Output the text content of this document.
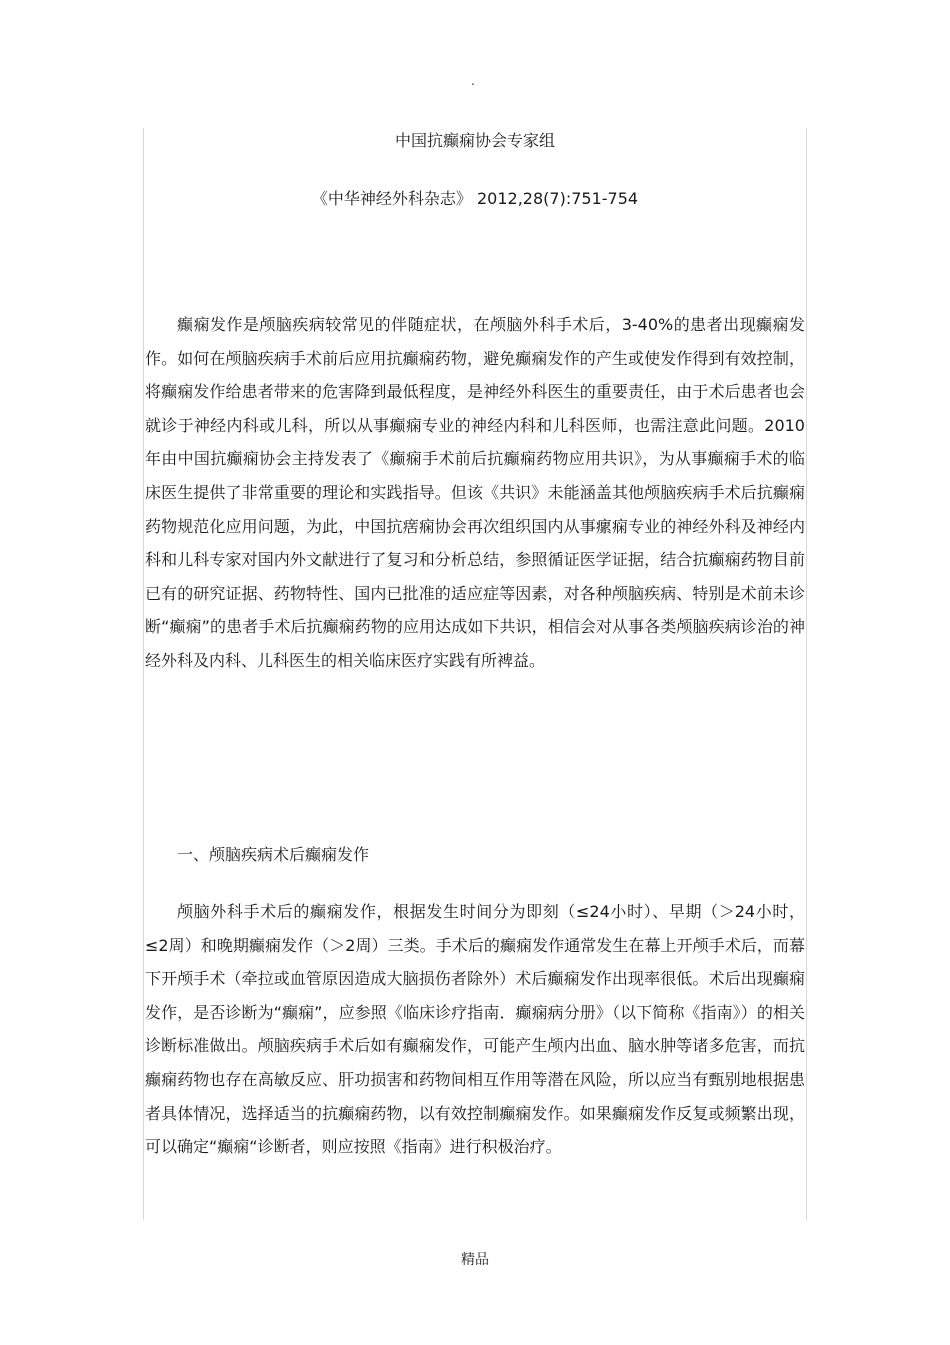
.
中国抗癫痫协会专家组
《中华神经外科杂志》 2012,28(7):751-754

癫痫发作是颅脑疾病较常见的伴随症状，在颅脑外科手术后，3-40%的患者出现癫痫发作。如何在颅脑疾病手术前后应用抗癫痫药物，避免癫痫发作的产生或使发作得到有效控制，将癫痫发作给患者带来的危害降到最低程度，是神经外科医生的重要责任，由于术后患者也会就诊于神经内科或儿科，所以从事癫痫专业的神经内科和儿科医师，也需注意此问题。2010年由中国抗癫痫协会主持发表了《癫痫手术前后抗癫痫药物应用共识》，为从事癫痫手术的临床医生提供了非常重要的理论和实践指导。但该《共识》未能涵盖其他颅脑疾病手术后抗癫痫药物规范化应用问题，为此，中国抗瘔痫协会再次组织国内从事瘰痫专业的神经外科及神经内科和儿科专家对国内外文献进行了复习和分析总结，参照循证医学证据，结合抗癫痫药物目前已有的研究证据、药物特性、国内已批准的适应症等因素，对各种颅脑疾病、特别是术前未诊断“癫痫”的患者手术后抗癫痫药物的应用达成如下共识，相信会对从事各类颅脑疾病诊治的神经外科及内科、儿科医生的相关临床医疗实践有所裨益。

一、颅脑疾病术后癫痫发作

颅脑外科手术后的癫痫发作，根据发生时间分为即刻（≤24小时）、早期（＞24小时，≤2周）和晚期癫痫发作（＞2周）三类。手术后的癫痫发作通常发生在幕上开颅手术后，而幕下开颅手术（牵拉或血管原因造成大脑损伤者除外）术后癫痫发作出现率很低。术后出现癫痫发作，是否诊断为“癫痫”，应参照《临床诊疗指南．癫痫病分册》（以下简称《指南》）的相关诊断标准做出。颅脑疾病手术后如有癫痫发作，可能产生颅内出血、脑水肿等诸多危害，而抗癫痫药物也存在高敏反应、肝功损害和药物间相互作用等潜在风险，所以应当有甄别地根据患者具体情况，选择适当的抗癫痫药物，以有效控制癫痫发作。如果癫痫发作反复或频繁出现，可以确定“癫痫“诊断者，则应按照《指南》进行积极治疗。

精品
